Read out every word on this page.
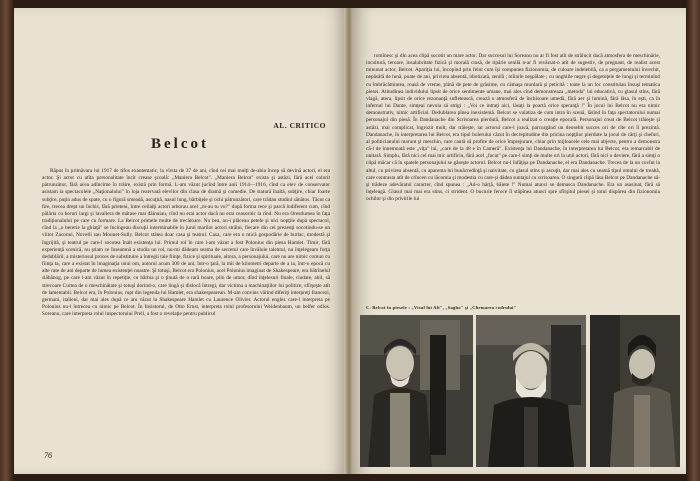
AL. CRITICO
Belcot

Răpus în primăvara lui 1917 de tifos exantematic, la vîrsta de 37 de ani, cînd cei mai mulţi de-abia încep să devină actori, el era actor. Şi actor cu atîta personalitate încît crease şcoală: „Maniera Belcot". „Maniera Belcot" exista şi astăzi, fără acel colorit pătrunzător, fără acea adîncime în trăire, există prin formă. L-am văzut jucînd între anii 1914—1916, cînd ca elev de conservator asistam la spectacolele „Naţionalului" în loja rezervată elevilor din clasa de dramă şi comedie. De statură înaltă, subţire, chiar foarte subţire, puţin adus de spate, cu o figură smeadă, ascuţită, nasul lung, bărbiţele şi ochi pătrunzători, care trădau studiul sănătos. Tăcut ca fire, trecea drept un închis, fără prieteni, între ceilalţi actori arborau acel „m-au tu vu?" după forma rece şi parcă indiferent cum, cînd pălăria cu boruri largi şi lavaliera de mătase mai dăinuiau, cînd nu erai actor dacă nu erai ceasornic la rînd. Nu era Orestlumea în fața tradiționalului pe care cu formare. La Belcot primele multe de trecătoare. Nu bea, nu-i plăceau petele şi nici nopţile după spectacol, cînd la „o bererie la ghiaţă" se încingeau discuţii interminabile în jurul marilor actori străini, fiecare din cei prezenţi socotindu-se un viitor Zaconni, Novelli sau Mounet-Sully. Belcot stătea doar casa şi teatrul. Casa, care era o mică gospodărie de burlac, modestă şi îngrijită, şi teatrul pe care-l socotea înalt existenţa lui. Primul rol în care l-am văzut a fost Polonius din piesa Hamlet. Timir, fără experienţă scenică, nu ştiam ce înseamnă a studia un rol, nu-mi dădeam seama de secretul care învăluie talentul, nu înţelegeam forţa dedublării, a misteriosul proces de substituire a întregii tale fiinţe, fizice şi spirituale, altora, a personajului, care nu are nimic comun cu fiinţa ta, care a existat în imaginaţia unui om, autorul acum 300 de ani, într-o ţară, la mii de kilometri departe de a ta, într-o epocă cu alte rute de ani departe de lumea existenţei noastre. Şi totuşi, Belcot era Polonius, acel Polonius imaginat de Shakespeare, era bătrînelul slăbănog, pe care l-am văzut în repetiţie, cu bărbia şi o ţinută de o rară boare, plin de umor, dînd înţelesuri finale, ciudate, abil, să strecoare Curtea de o meschinătate şi totuşi dorind-o, care lingă şi dislocă întregi, dar victima a machinaţiilor lui politice, sfîrşeşte atît de lamentabil. Belcot era, în Polonius, rupt din legenda lui Hamlet, era shakespearean. M-am convins vărind diferiţi interpreţi francezi, germani, italieni, dar mai ales după ce am văzut la Shakespeare Hamlet cu Laurence Olivier. Actorul englez care-l interpreta pe Polonius nu-l întrecea cu nimic pe Belcot. În Insistorul, de Otto Ernst, interpreta rolul profesorului Weidenbaum, un belfer odios. Soreanu, care interpreta rolul inspectorului Prell, a fost o revelaţie pentru publicul

76

romînesc şi din acea clipă socotit un mare actor. Dar succesul lui Soreanu nu ar fi fost atît de strălucit dacă atmosfera de meschinărie, incultură, teroare, insalubritate fizică şi morală crasă, de tipărie senilă n-ar fi revărsat-o atît de sugestiv, de pregnant, de realist acest minunat actor, Belcot. Apariţia lui, încopind prin felul cum îşi compunea fizionomia, de culoare indelebilă, ca a pergamentului învechit, nepăsătă de lună, poate de ani, privirea absentă, idiotizată, senilă ; mîinile neşpălate ; cu unghiile negre şi degetuţele de lungi şi terminînd cu îmbrăcămintea, roasă de vreme, plină de pete de grăsime, cu cămaşa murdară şi peticită : toate la un loc constituiau însuşi tematica piesei. Atitudinea individului lipsit de orice sentimente umane, mai ales cînd demonstreaza „metoda" lui educativă, cu glasul stins, fără vlagă, atera, lipsit de orice rezonanţă sufletească, crează o atmosferă de închisoare umedă, fără aer şi lumină, fără lăsa, în eşti, ca în infernul lui Dante, simţeai nevoia să strigi : „Voi ce intraţi aici, lăsaţi la poartă orice speranţă !" În jocul lui Belcot nu era nimic demonstrativ, nimic artificial. Dedublarea pînea inexistentă. Belcot se vulatiza de cum intra în scenă, lăsînd în faţa spectatorului numai personajul din piesă. În Dandanache din Scrisoarea pierdută, Belcot a realizat o creaţie epocală. Personajul creat de Belcot trăieşte şi astăzi, mai complicat, îngrozit mult, dar trăieşte, iar actorul care-l joacă, parcurgând un deosebit succes ori de cîte ori îl prezintă. Dandanache, în interpretarea lui Belcot, era tipul boierului căzut în decrepitudine din pricina nopţilor pierdute la jocul de cărţi şi chefuri, al politicianului marunt şi meschin, care caută să profite de orice împrejurare, chiar prin mijloacele cele mai abjecte, pentru a demonstra că-l de înnemnată este „viţa" lui, „care de la 48 e în Cameră". Existenţa lui Dandanache, în interpretarea lui Belcot, era remarcabil de unitară. Simplu, fără nici cel mai mic artificiu, fără acel „facut" pe care-l simţi de multe ori la unii actori, fără nici o deviere, fără a simţi o clipă măcar că în spatele personajului se găseşte actorul. Belcot nu-l înfăţişa pe Dandanache, el era Dandanache. Trecea de la un cuvînt la altul, cu privirea absentă, cu aparenta lui bunăcredinţă şi naivitate, cu glasul stins şi ascuţit, dar mai ales cu seamă tipul omului de treabă, care contrasta atît de crîncen cu lăcomia şi modestia cu care-şi dădea suntajul cu scrisoarea. O singură clipă lăsa Belcot pe Dandanache să-şi trădeze adevăratul caracter, cînd spunea : „Ad-o hârţă, băiete !" Numai atunci se demasca Dandanache. Era un asasinat, fără să înţeleagă. Glasul mai mai era stins, ci strident. O bucurie feroce îl stăpînea atunci spre sfîrşitul piesei şi totul dispărea din fizionomia ochilor şi din privirile lui

C. Belcot în piesele : „Visul lui Alt", „Sagho" şi „Chemarea codrului"
